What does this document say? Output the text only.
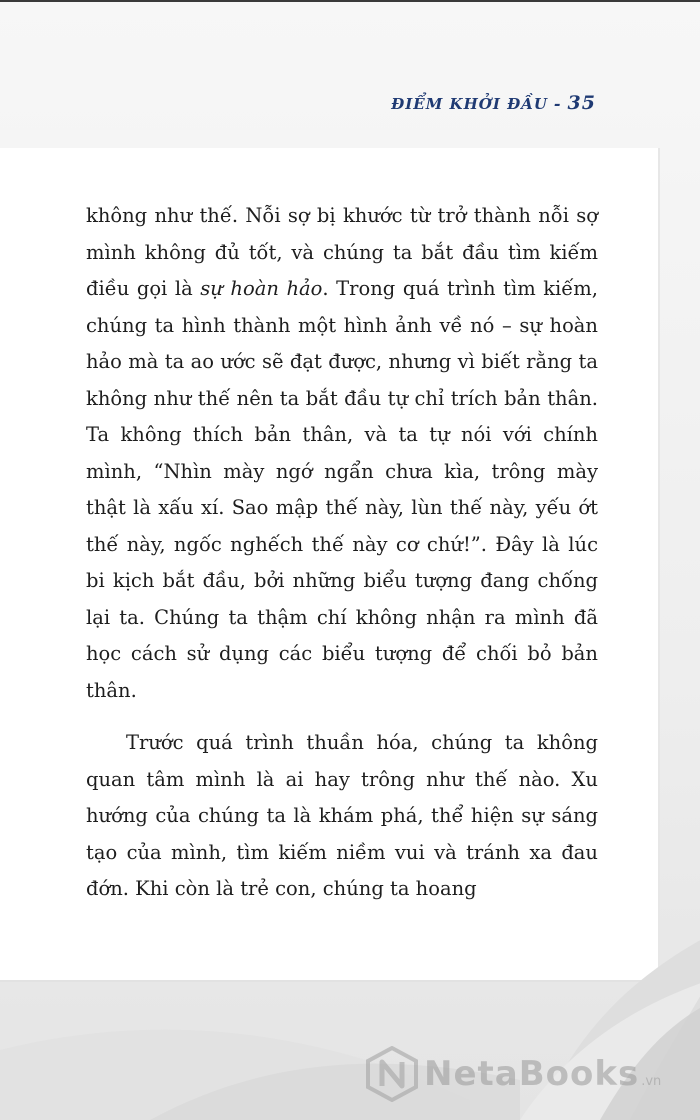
ĐIỂM KHỞI ĐẦU - 35

không như thế. Nỗi sợ bị khước từ trở thành nỗi sợ mình không đủ tốt, và chúng ta bắt đầu tìm kiếm điều gọi là sự hoàn hảo. Trong quá trình tìm kiếm, chúng ta hình thành một hình ảnh về nó – sự hoàn hảo mà ta ao ước sẽ đạt được, nhưng vì biết rằng ta không như thế nên ta bắt đầu tự chỉ trích bản thân. Ta không thích bản thân, và ta tự nói với chính mình, “Nhìn mày ngớ ngẩn chưa kìa, trông mày thật là xấu xí. Sao mập thế này, lùn thế này, yếu ớt thế này, ngốc nghếch thế này cơ chứ!”. Đây là lúc bi kịch bắt đầu, bởi những biểu tượng đang chống lại ta. Chúng ta thậm chí không nhận ra mình đã học cách sử dụng các biểu tượng để chối bỏ bản thân.

Trước quá trình thuần hóa, chúng ta không quan tâm mình là ai hay trông như thế nào. Xu hướng của chúng ta là khám phá, thể hiện sự sáng tạo của mình, tìm kiếm niềm vui và tránh xa đau đớn. Khi còn là trẻ con, chúng ta hoang

NetaBooks .vn
